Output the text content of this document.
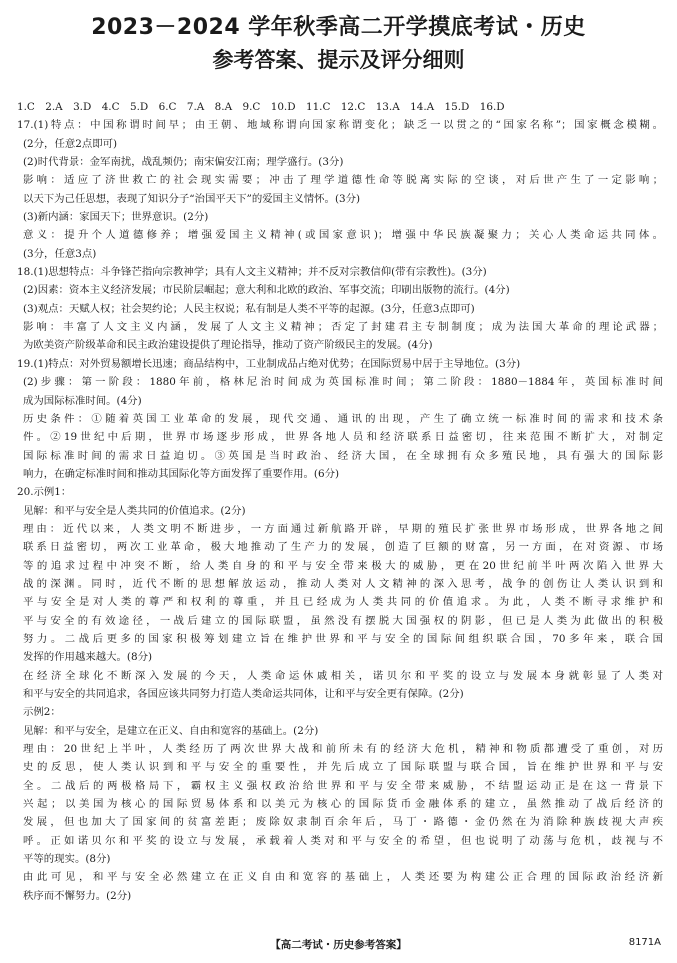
2023－2024 学年秋季高二开学摸底考试・历史
参考答案、提示及评分细则
1.C　2.A　3.D　4.C　5.D　6.C　7.A　8.A　9.C　10.D　11.C　12.C　13.A　14.A　15.D　16.D
17.(1)特点：中国称谓时间早；由王朝、地域称谓向国家称谓变化；缺乏一以贯之的“国家名称”；国家概念模糊。
(2分，任意2点即可)
(2)时代背景：金军南扰，战乱频仍；南宋偏安江南；理学盛行。(3分)
影响：适应了济世救亡的社会现实需要；冲击了理学道德性命等脱离实际的空谈，对后世产生了一定影响；
以天下为己任思想，表现了知识分子“治国平天下”的爱国主义情怀。(3分)
(3)新内涵：家国天下；世界意识。(2分)
意义：提升个人道德修养；增强爱国主义精神(或国家意识)；增强中华民族凝聚力；关心人类命运共同体。
(3分，任意3点)
18.(1)思想特点：斗争锋芒指向宗教神学；具有人文主义精神；并不反对宗教信仰(带有宗教性)。(3分)
(2)因素：资本主义经济发展；市民阶层崛起；意大利和北欧的政治、军事交流；印刷出版物的流行。(4分)
(3)观点：天赋人权；社会契约论；人民主权说；私有制是人类不平等的起源。(3分，任意3点即可)
影响：丰富了人文主义内涵，发展了人文主义精神；否定了封建君主专制制度；成为法国大革命的理论武器；
为欧美资产阶级革命和民主政治建设提供了理论指导，推动了资产阶级民主的发展。(4分)
19.(1)特点：对外贸易额增长迅速；商品结构中，工业制成品占绝对优势；在国际贸易中居于主导地位。(3分)
(2)步骤：第一阶段：1880年前，格林尼治时间成为英国标准时间；第二阶段：1880－1884年，英国标准时间
成为国际标准时间。(4分)
历史条件：①随着英国工业革命的发展，现代交通、通讯的出现，产生了确立统一标准时间的需求和技术条
件。②19世纪中后期，世界市场逐步形成，世界各地人员和经济联系日益密切，往来范围不断扩大，对制定
国际标准时间的需求日益迫切。③英国是当时政治、经济大国，在全球拥有众多殖民地，具有强大的国际影
响力，在确定标准时间和推动其国际化等方面发挥了重要作用。(6分)
20.示例1：
见解：和平与安全是人类共同的价值追求。(2分)
理由：近代以来，人类文明不断进步，一方面通过新航路开辟，早期的殖民扩张世界市场形成，世界各地之间
联系日益密切，两次工业革命，极大地推动了生产力的发展，创造了巨额的财富，另一方面，在对资源、市场
等的追求过程中冲突不断，给人类自身的和平与安全带来极大的威胁，更在20世纪前半叶两次陷入世界大
战的深渊。同时，近代不断的思想解放运动，推动人类对人文精神的深入思考，战争的创伤让人类认识到和
平与安全是对人类的尊严和权利的尊重，并且已经成为人类共同的价值追求。为此，人类不断寻求维护和
平与安全的有效途径，一战后建立的国际联盟，虽然没有摆脱大国强权的阴影，但已是人类为此做出的积极
努力。二战后更多的国家积极筹划建立旨在维护世界和平与安全的国际间组织联合国，70多年来，联合国
发挥的作用越来越大。(8分)
在经济全球化不断深入发展的今天，人类命运休戚相关，诺贝尔和平奖的设立与发展本身就彰显了人类对
和平与安全的共同追求，各国应该共同努力打造人类命运共同体，让和平与安全更有保障。(2分)
示例2：
见解：和平与安全，是建立在正义、自由和宽容的基础上。(2分)
理由：20世纪上半叶，人类经历了两次世界大战和前所未有的经济大危机，精神和物质都遭受了重创，对历
史的反思，使人类认识到和平与安全的重要性，并先后成立了国际联盟与联合国，旨在维护世界和平与安
全。二战后的两极格局下，霸权主义强权政治给世界和平与安全带来威胁，不结盟运动正是在这一背景下
兴起；以美国为核心的国际贸易体系和以美元为核心的国际货币金融体系的建立，虽然推动了战后经济的
发展，但也加大了国家间的贫富差距；废除奴隶制百余年后，马丁・路德・金仍然在为消除种族歧视大声疾
呼。正如诺贝尔和平奖的设立与发展，承载着人类对和平与安全的希望，但也说明了动荡与危机，歧视与不
平等的现实。(8分)
由此可见，和平与安全必然建立在正义自由和宽容的基础上，人类还要为构建公正合理的国际政治经济新
秩序而不懈努力。(2分)
【高二考试・历史参考答案】	8171A
